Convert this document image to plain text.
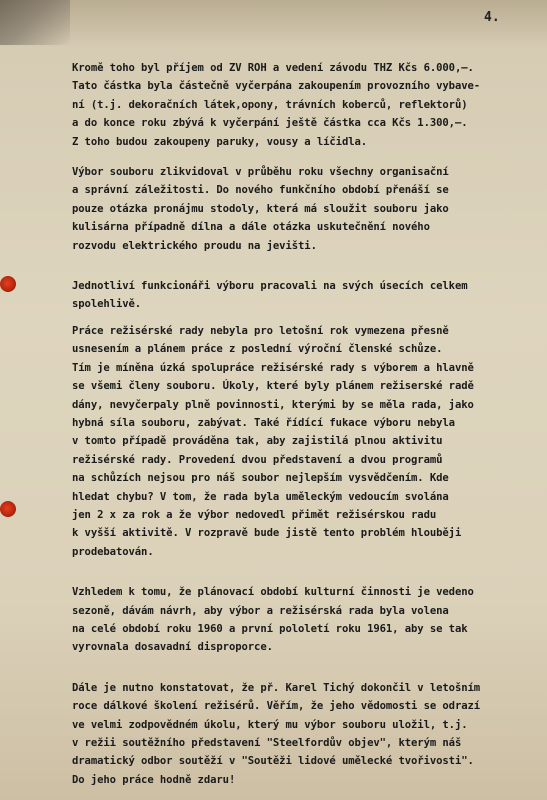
4.
Kromě toho byl příjem od ZV ROH a vedení závodu THZ Kčs 6.000,—.
Tato částka byla částečně vyčerpána zakoupením provozního vybave-
ní (t.j. dekoračních látek,opony, trávních koberců, reflektorů)
a do konce roku zbývá k vyčerpání ještě částka cca Kčs 1.300,—.
Z toho budou zakoupeny paruky, vousy a líčidla.
Výbor souboru zlikvidoval v průběhu roku všechny organisační
a správní záležitosti. Do nového funkčního období přenáší se
pouze otázka pronájmu stodoly, která má sloužit souboru jako
kulisárna případně dílna a dále otázka uskutečnění nového
rozvodu elektrického proudu na jevišti.
Jednotliví funkcionáři výboru pracovali na svých úsecích celkem
spolehlivě.
Práce režisérské rady nebyla pro letošní rok vymezena přesně
usnesením a plánem práce z poslední výroční členské schůze.
Tím je míněna úzká spolupráce režisérské rady s výborem a hlavně
se všemi členy souboru. Úkoly, které byly plánem režiserské radě
dány, nevyčerpaly plně povinnosti, kterými by se měla rada, jako
hybná síla souboru, zabývat. Také řídící fukace výboru nebyla
v tomto případě prováděna tak, aby zajistilá plnou aktivitu
režisérské rady. Provedení dvou představení a dvou programů
na schůzích nejsou pro náš soubor nejlepším vysvědčením. Kde
hledat chybu? V tom, že rada byla uměleckým vedoucím svolána
jen 2 x za rok a že výbor nedovedl přimět režisérskou radu
k vyšší aktivitě. V rozpravě bude jistě tento problém hlouběji
prodebatován.
Vzhledem k tomu, že plánovací období kulturní činnosti je vedeno
sezoně, dávám návrh, aby výbor a režisérská rada byla volena
na celé období roku 1960 a první pololetí roku 1961, aby se tak
vyrovnala dosavadní disproporce.
Dále je nutno konstatovat, že př. Karel Tichý dokončil v letošním
roce dálkové školení režisérů. Věřím, že jeho vědomosti se odrazí
ve velmi zodpovědném úkolu, který mu výbor souboru uložil, t.j.
v režii soutěžního představení "Steelfordův objev", kterým náš
dramatický odbor soutěží v "Soutěži lidové umělecké tvořivosti".
Do jeho práce hodně zdaru!
